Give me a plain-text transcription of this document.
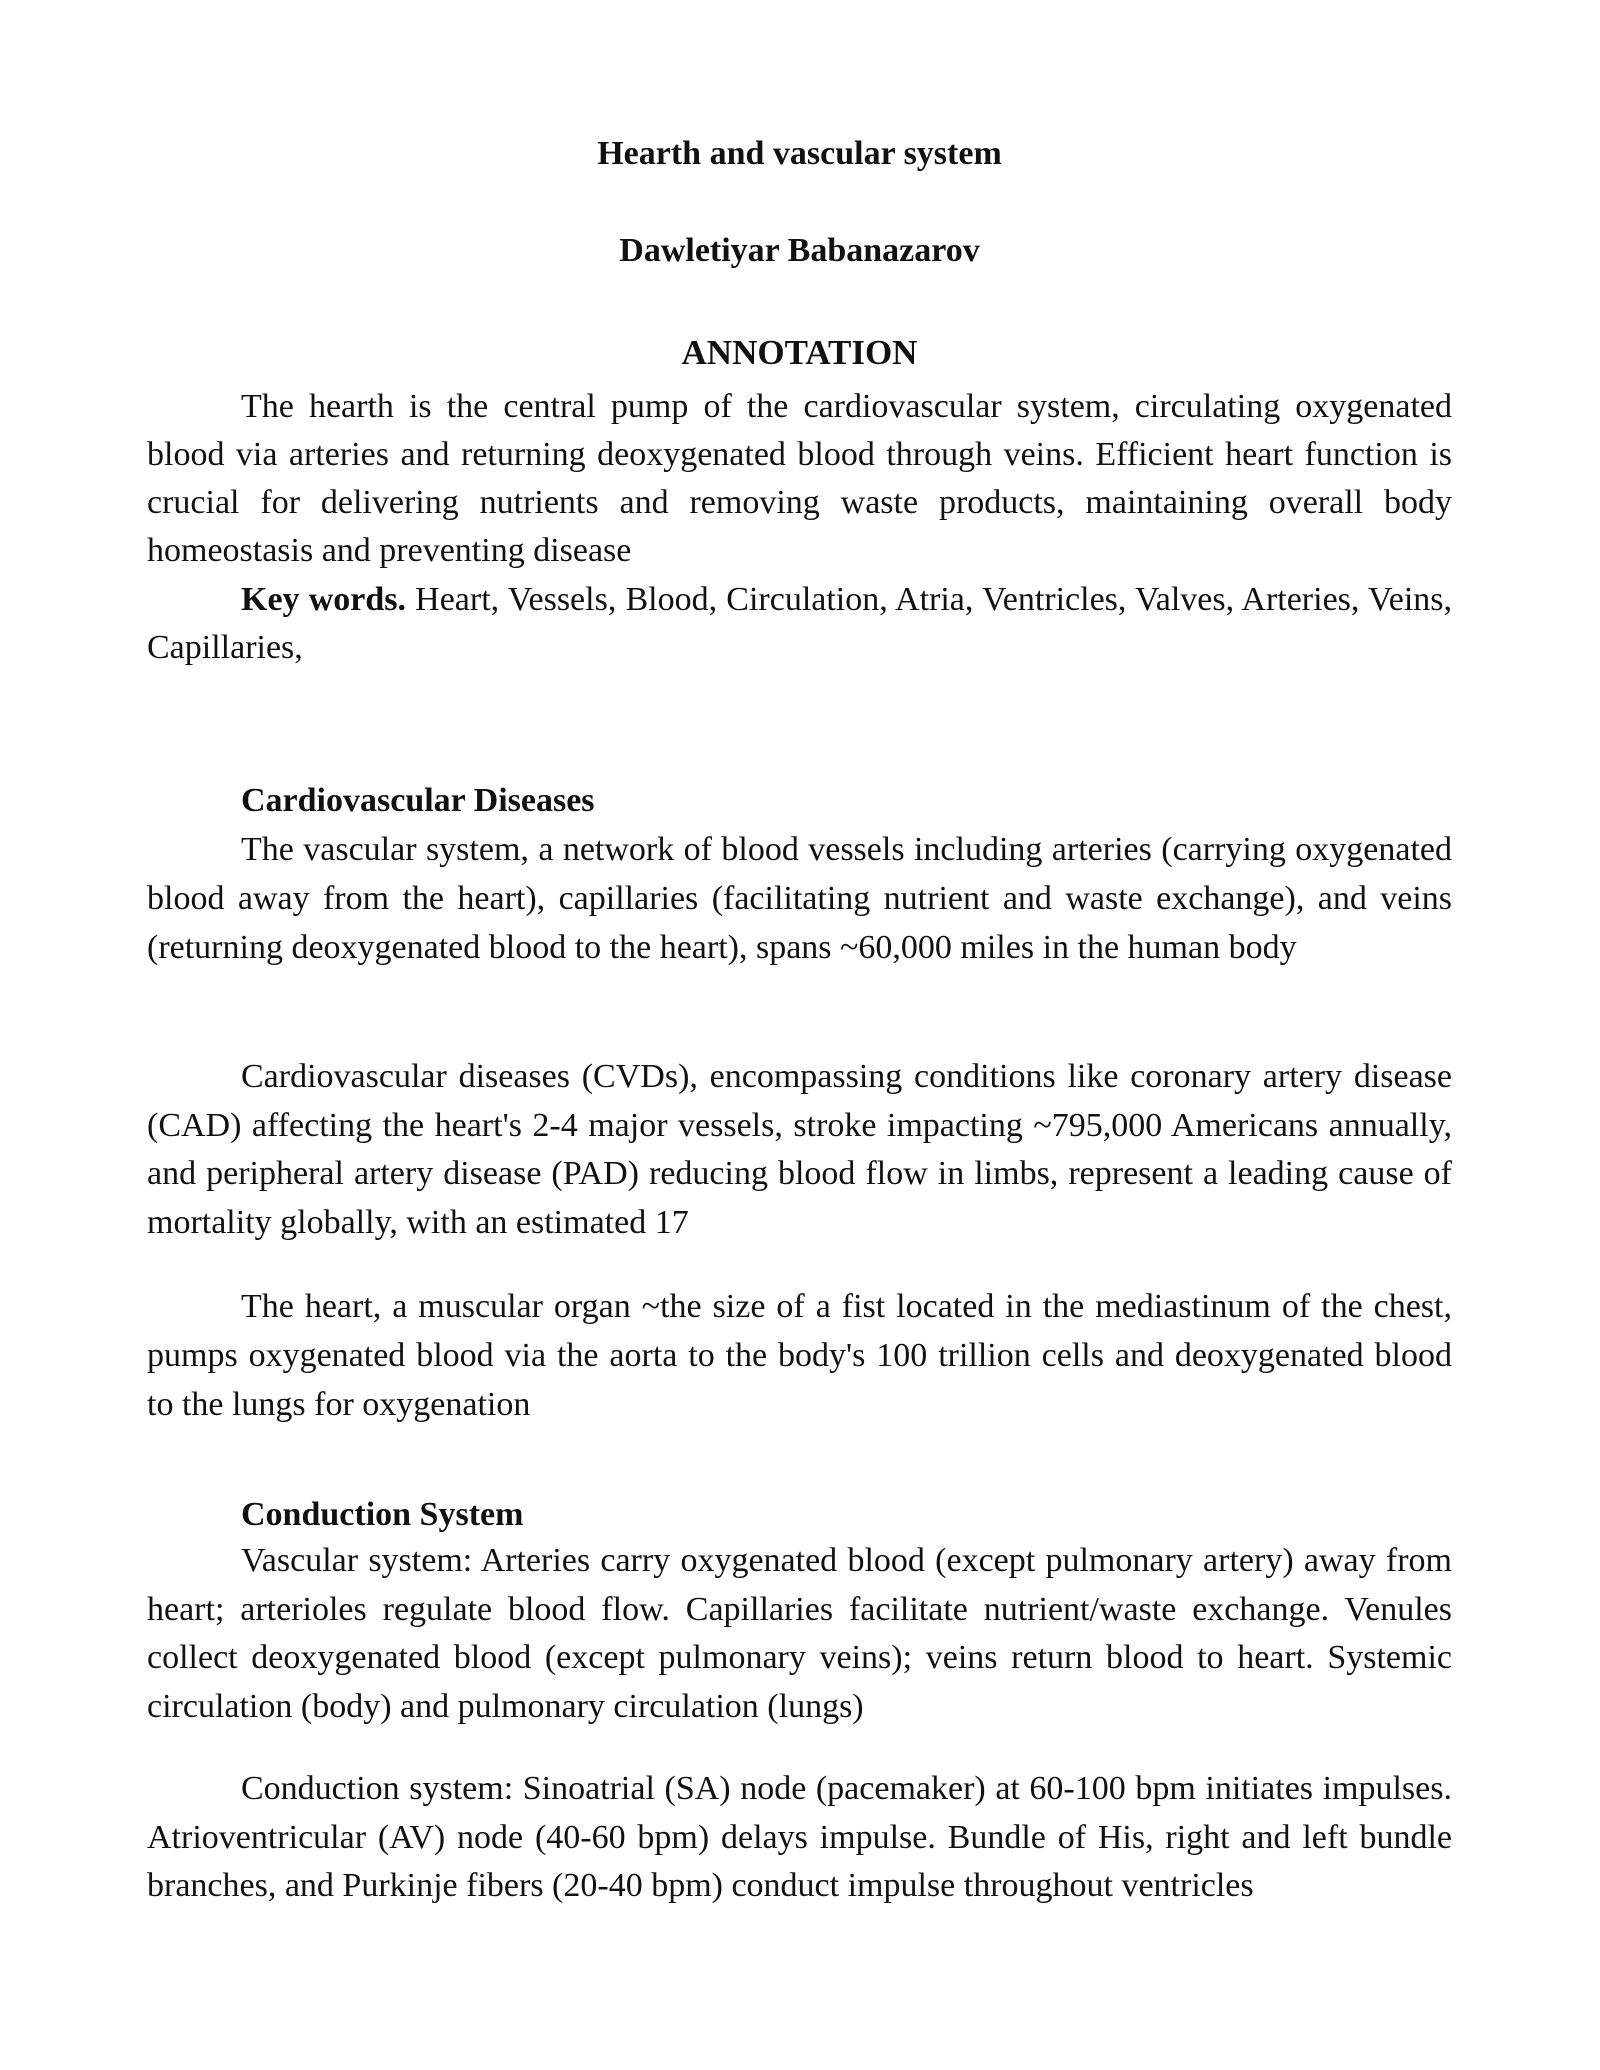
Hearth and vascular system
Dawletiyar Babanazarov
ANNOTATION

The hearth is the central pump of the cardiovascular system, circulating oxygenated blood via arteries and returning deoxygenated blood through veins. Efficient heart function is crucial for delivering nutrients and removing waste products, maintaining overall body homeostasis and preventing disease

Key words. Heart, Vessels, Blood, Circulation, Atria, Ventricles, Valves, Arteries, Veins, Capillaries,

Cardiovascular Diseases

The vascular system, a network of blood vessels including arteries (carrying oxygenated blood away from the heart), capillaries (facilitating nutrient and waste exchange), and veins (returning deoxygenated blood to the heart), spans ~60,000 miles in the human body

Cardiovascular diseases (CVDs), encompassing conditions like coronary artery disease (CAD) affecting the heart's 2-4 major vessels, stroke impacting ~795,000 Americans annually, and peripheral artery disease (PAD) reducing blood flow in limbs, represent a leading cause of mortality globally, with an estimated 17

The heart, a muscular organ ~the size of a fist located in the mediastinum of the chest, pumps oxygenated blood via the aorta to the body's 100 trillion cells and deoxygenated blood to the lungs for oxygenation

Conduction System

Vascular system: Arteries carry oxygenated blood (except pulmonary artery) away from heart; arterioles regulate blood flow. Capillaries facilitate nutrient/waste exchange. Venules collect deoxygenated blood (except pulmonary veins); veins return blood to heart. Systemic circulation (body) and pulmonary circulation (lungs)

Conduction system: Sinoatrial (SA) node (pacemaker) at 60-100 bpm initiates impulses. Atrioventricular (AV) node (40-60 bpm) delays impulse. Bundle of His, right and left bundle branches, and Purkinje fibers (20-40 bpm) conduct impulse throughout ventricles
